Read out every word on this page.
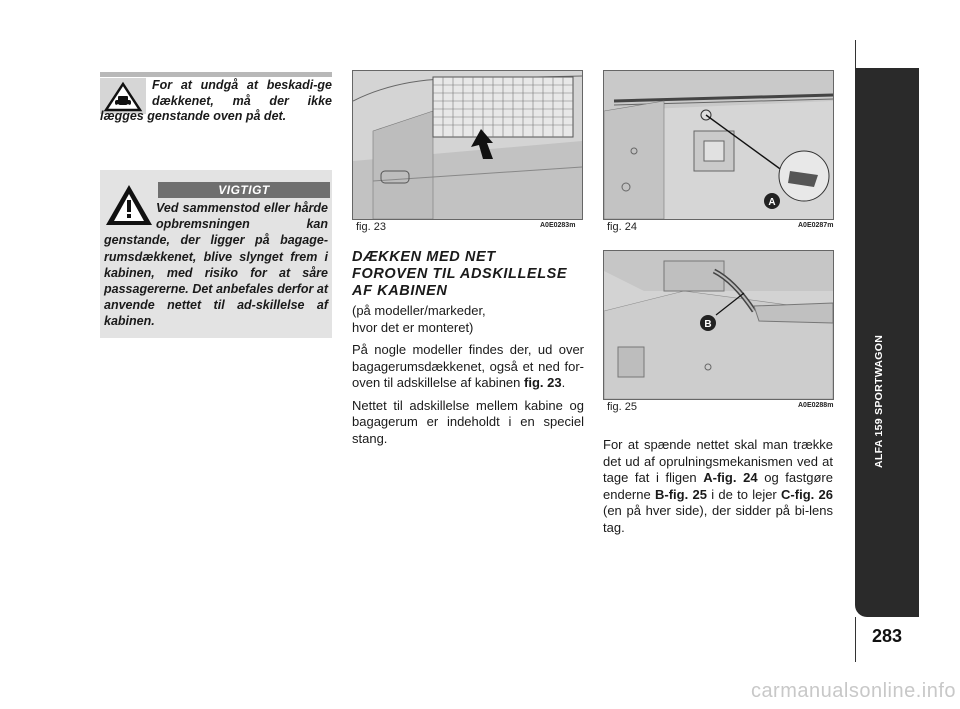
For at undgå at beskadi-ge dækkenet, må der ikke lægges genstande oven på det.
VIGTIGT
Ved sammenstod eller hårde opbremsningen kan genstande, der ligger på bagage-rumsdækkenet, blive slynget frem i kabinen, med risiko for at såre passagererne. Det anbefales derfor at anvende nettet til ad-skillelse af kabinen.
fig. 23	A0E0283m
A
fig. 24	A0E0287m
B
fig. 25	A0E0288m
DÆKKEN MED NET
FOROVEN TIL ADSKILLELSE
AF KABINEN
(på modeller/markeder,
hvor det er monteret)
På nogle modeller findes der, ud over bagagerumsdækkenet, også et ned for-oven til adskillelse af kabinen fig. 23.
Nettet til adskillelse mellem kabine og bagagerum er indeholdt i en speciel stang.	For at spænde nettet skal man trække det ud af oprulningsmekanismen ved at tage fat i fligen A-fig. 24 og fastgøre enderne B-fig. 25 i de to lejer C-fig. 26 (en på hver side), der sidder på bi-lens tag.
ALFA 159 SPORTWAGON
283
carmanualsonline.info
